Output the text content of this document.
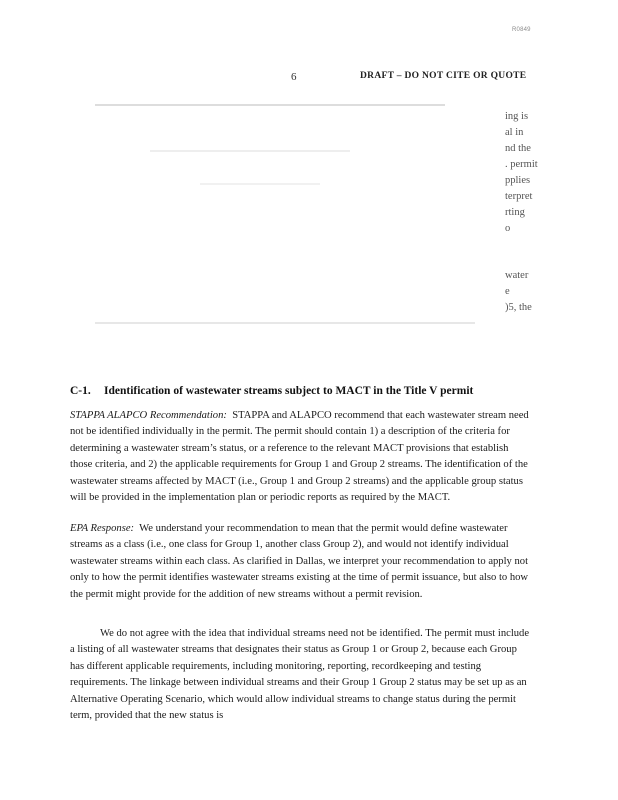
R0849
6	DRAFT – DO NOT CITE OR QUOTE
ing is
al in
nd the
. permit
pplies
terpret
rting
o
water
e
)5, the
C-1. Identification of wastewater streams subject to MACT in the Title V permit

STAPPA ALAPCO Recommendation: STAPPA and ALAPCO recommend that each wastewater stream need not be identified individually in the permit. The permit should contain 1) a description of the criteria for determining a wastewater stream’s status, or a reference to the relevant MACT provisions that establish those criteria, and 2) the applicable requirements for Group 1 and Group 2 streams. The identification of the wastewater streams affected by MACT (i.e., Group 1 and Group 2 streams) and the applicable group status will be provided in the implementation plan or periodic reports as required by the MACT.

EPA Response: We understand your recommendation to mean that the permit would define wastewater streams as a class (i.e., one class for Group 1, another class Group 2), and would not identify individual wastewater streams within each class. As clarified in Dallas, we interpret your recommendation to apply not only to how the permit identifies wastewater streams existing at the time of permit issuance, but also to how the permit might provide for the addition of new streams without a permit revision.

We do not agree with the idea that individual streams need not be identified. The permit must include a listing of all wastewater streams that designates their status as Group 1 or Group 2, because each Group has different applicable requirements, including monitoring, reporting, recordkeeping and testing requirements. The linkage between individual streams and their Group 1 Group 2 status may be set up as an Alternative Operating Scenario, which would allow individual streams to change status during the permit term, provided that the new status is
